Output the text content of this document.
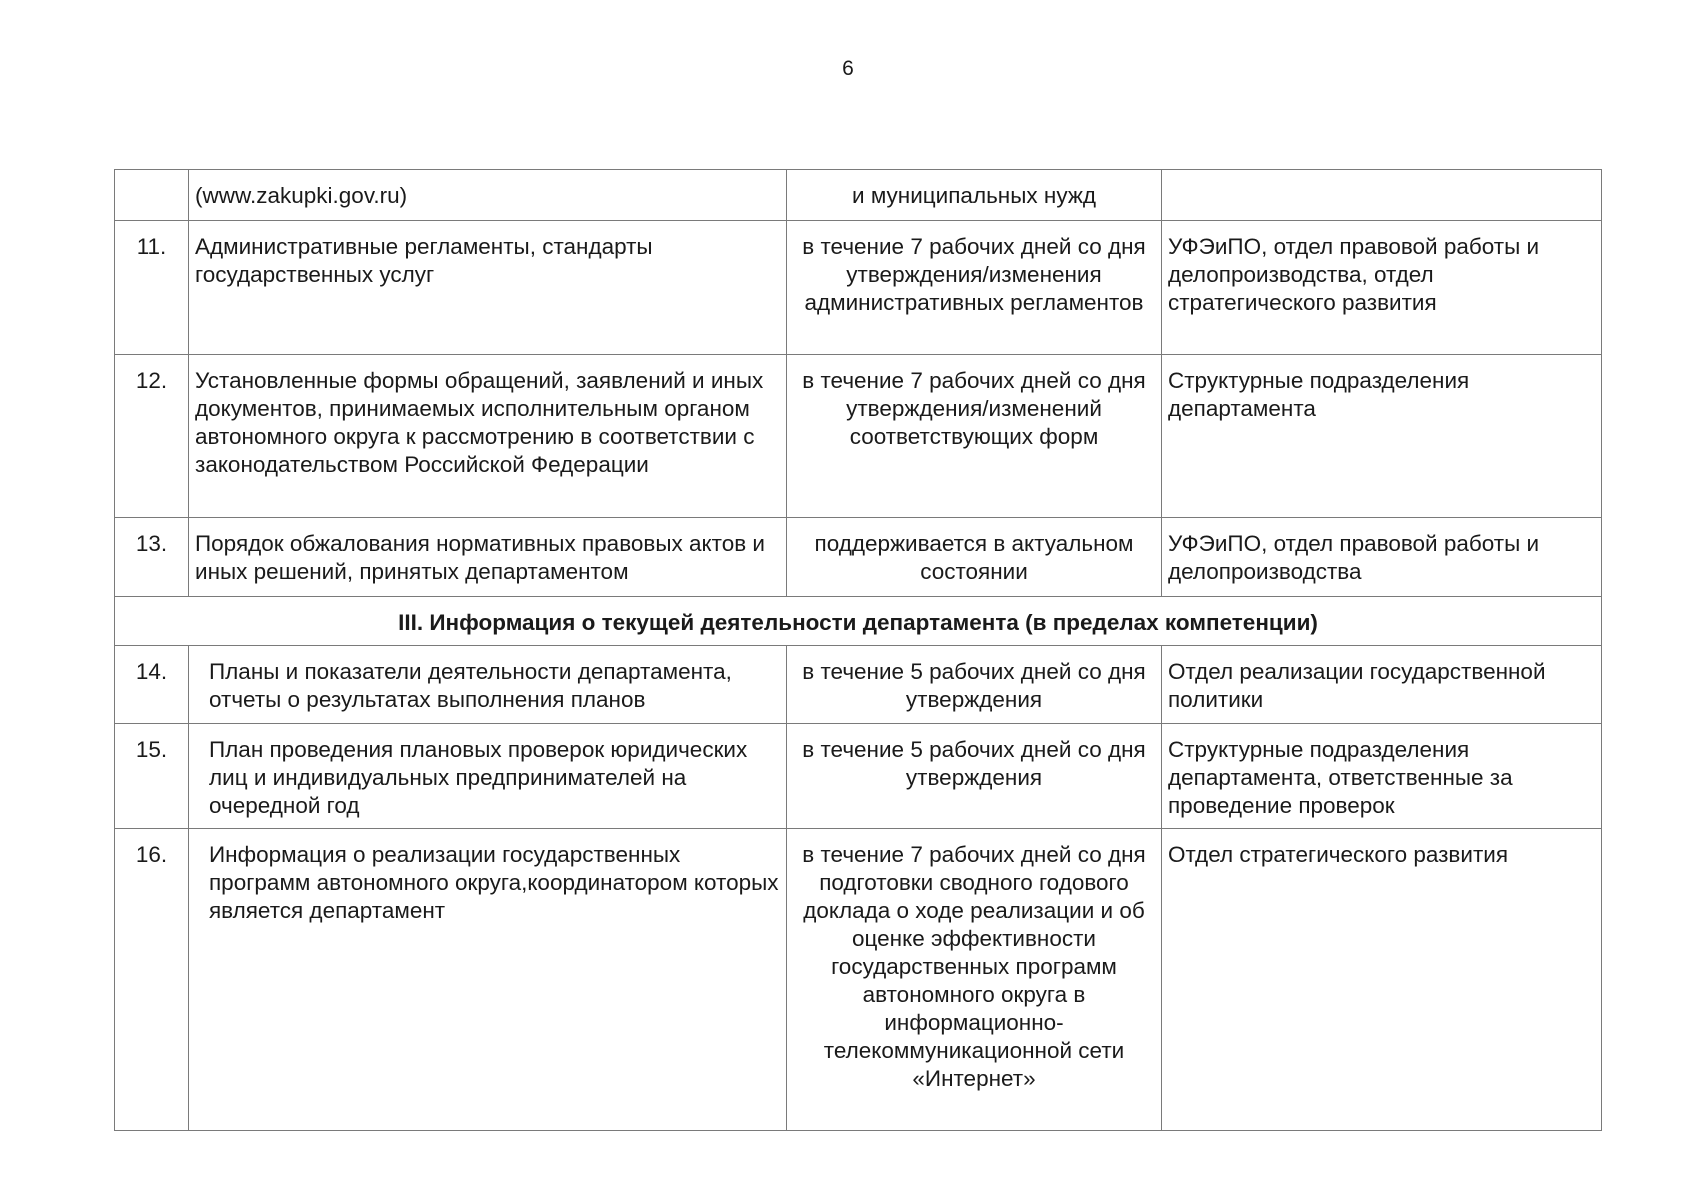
6
	(www.zakupki.gov.ru)	и муниципальных нужд	
11.	Административные регламенты, стандарты государственных услуг	в течение 7 рабочих дней со дня утверждения/изменения административных регламентов	УФЭиПО, отдел правовой работы и делопроизводства, отдел стратегического развития
12.	Установленные формы обращений, заявлений и иных документов, принимаемых исполнительным органом автономного округа к рассмотрению в соответствии с законодательством Российской Федерации	в течение 7 рабочих дней со дня утверждения/изменений соответствующих форм	Структурные подразделения департамента
13.	Порядок обжалования нормативных правовых актов и иных решений, принятых департаментом	поддерживается в актуальном состоянии	УФЭиПО, отдел правовой работы и делопроизводства
III. Информация о текущей деятельности департамента (в пределах компетенции)			
14.	Планы и показатели деятельности департамента, отчеты о результатах выполнения планов	в течение 5 рабочих дней со дня утверждения	Отдел реализации государственной политики
15.	План проведения плановых проверок юридических лиц и индивидуальных предпринимателей на очередной год	в течение 5 рабочих дней со дня утверждения	Структурные подразделения департамента, ответственные за проведение проверок
16.	Информация о реализации государственных программ автономного округа,координатором которых является департамент	в течение 7 рабочих дней со дня подготовки сводного годового доклада о ходе реализации и об оценке эффективности государственных программ автономного округа в информационно-телекоммуникационной сети «Интернет»	Отдел стратегического развития
